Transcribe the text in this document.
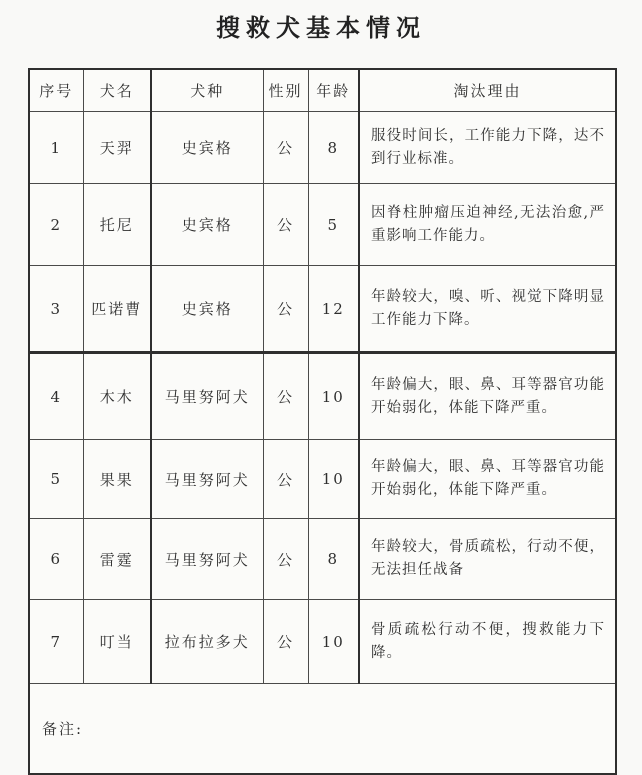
搜救犬基本情况
序号	犬名	犬种	性别	年龄	淘汰理由
1	天羿	史宾格	公	8	服役时间长，工作能力下降，达不到行业标准。
2	托尼	史宾格	公	5	因脊柱肿瘤压迫神经,无法治愈,严重影响工作能力。
3	匹诺曹	史宾格	公	12	年龄较大，嗅、听、视觉下降明显工作能力下降。
4	木木	马里努阿犬	公	10	年龄偏大，眼、鼻、耳等器官功能开始弱化，体能下降严重。
5	果果	马里努阿犬	公	10	年龄偏大，眼、鼻、耳等器官功能开始弱化，体能下降严重。
6	雷霆	马里努阿犬	公	8	年龄较大，骨质疏松，行动不便，无法担任战备
7	叮当	拉布拉多犬	公	10	骨质疏松行动不便，搜救能力下降。
备注:					
